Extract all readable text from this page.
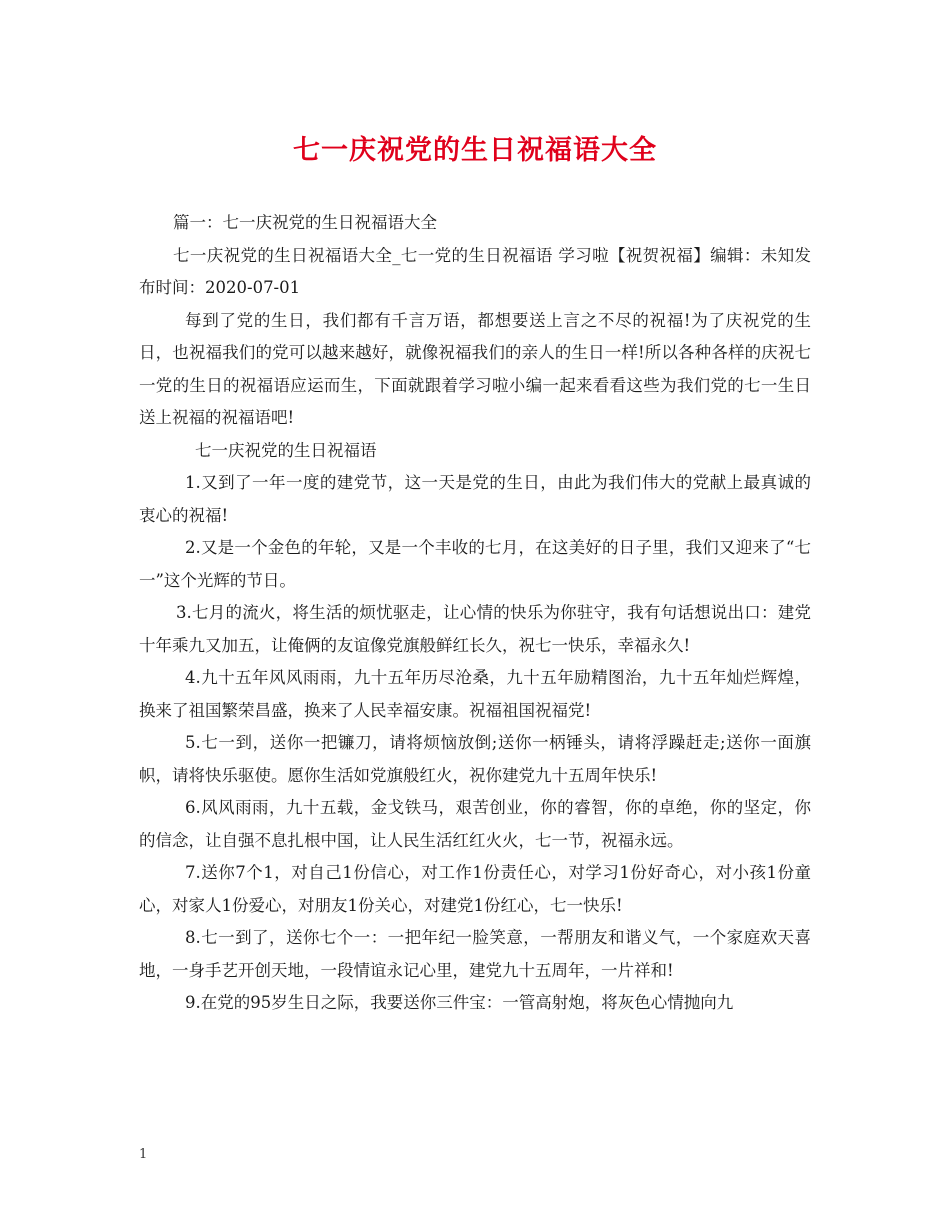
七一庆祝党的生日祝福语大全

篇一：七一庆祝党的生日祝福语大全

七一庆祝党的生日祝福语大全_七一党的生日祝福语 学习啦【祝贺祝福】编辑：未知发布时间：2020-07-01

每到了党的生日，我们都有千言万语，都想要送上言之不尽的祝福!为了庆祝党的生日，也祝福我们的党可以越来越好，就像祝福我们的亲人的生日一样!所以各种各样的庆祝七一党的生日的祝福语应运而生，下面就跟着学习啦小编一起来看看这些为我们党的七一生日送上祝福的祝福语吧!

七一庆祝党的生日祝福语

1.又到了一年一度的建党节，这一天是党的生日，由此为我们伟大的党献上最真诚的衷心的祝福!

2.又是一个金色的年轮，又是一个丰收的七月，在这美好的日子里，我们又迎来了“七一”这个光辉的节日。

3.七月的流火，将生活的烦忧驱走，让心情的快乐为你驻守，我有句话想说出口：建党十年乘九又加五，让俺俩的友谊像党旗般鲜红长久，祝七一快乐，幸福永久!

4.九十五年风风雨雨，九十五年历尽沧桑，九十五年励精图治，九十五年灿烂辉煌，换来了祖国繁荣昌盛，换来了人民幸福安康。祝福祖国祝福党!

5.七一到，送你一把镰刀，请将烦恼放倒;送你一柄锤头，请将浮躁赶走;送你一面旗帜，请将快乐驱使。愿你生活如党旗般红火，祝你建党九十五周年快乐!

6.风风雨雨，九十五载，金戈铁马，艰苦创业，你的睿智，你的卓绝，你的坚定，你的信念，让自强不息扎根中国，让人民生活红红火火，七一节，祝福永远。

7.送你7个1，对自己1份信心，对工作1份责任心，对学习1份好奇心，对小孩1份童心，对家人1份爱心，对朋友1份关心，对建党1份红心，七一快乐!

8.七一到了，送你七个一：一把年纪一脸笑意，一帮朋友和谐义气，一个家庭欢天喜地，一身手艺开创天地，一段情谊永记心里，建党九十五周年，一片祥和!

9.在党的95岁生日之际，我要送你三件宝：一管高射炮，将灰色心情抛向九

1
